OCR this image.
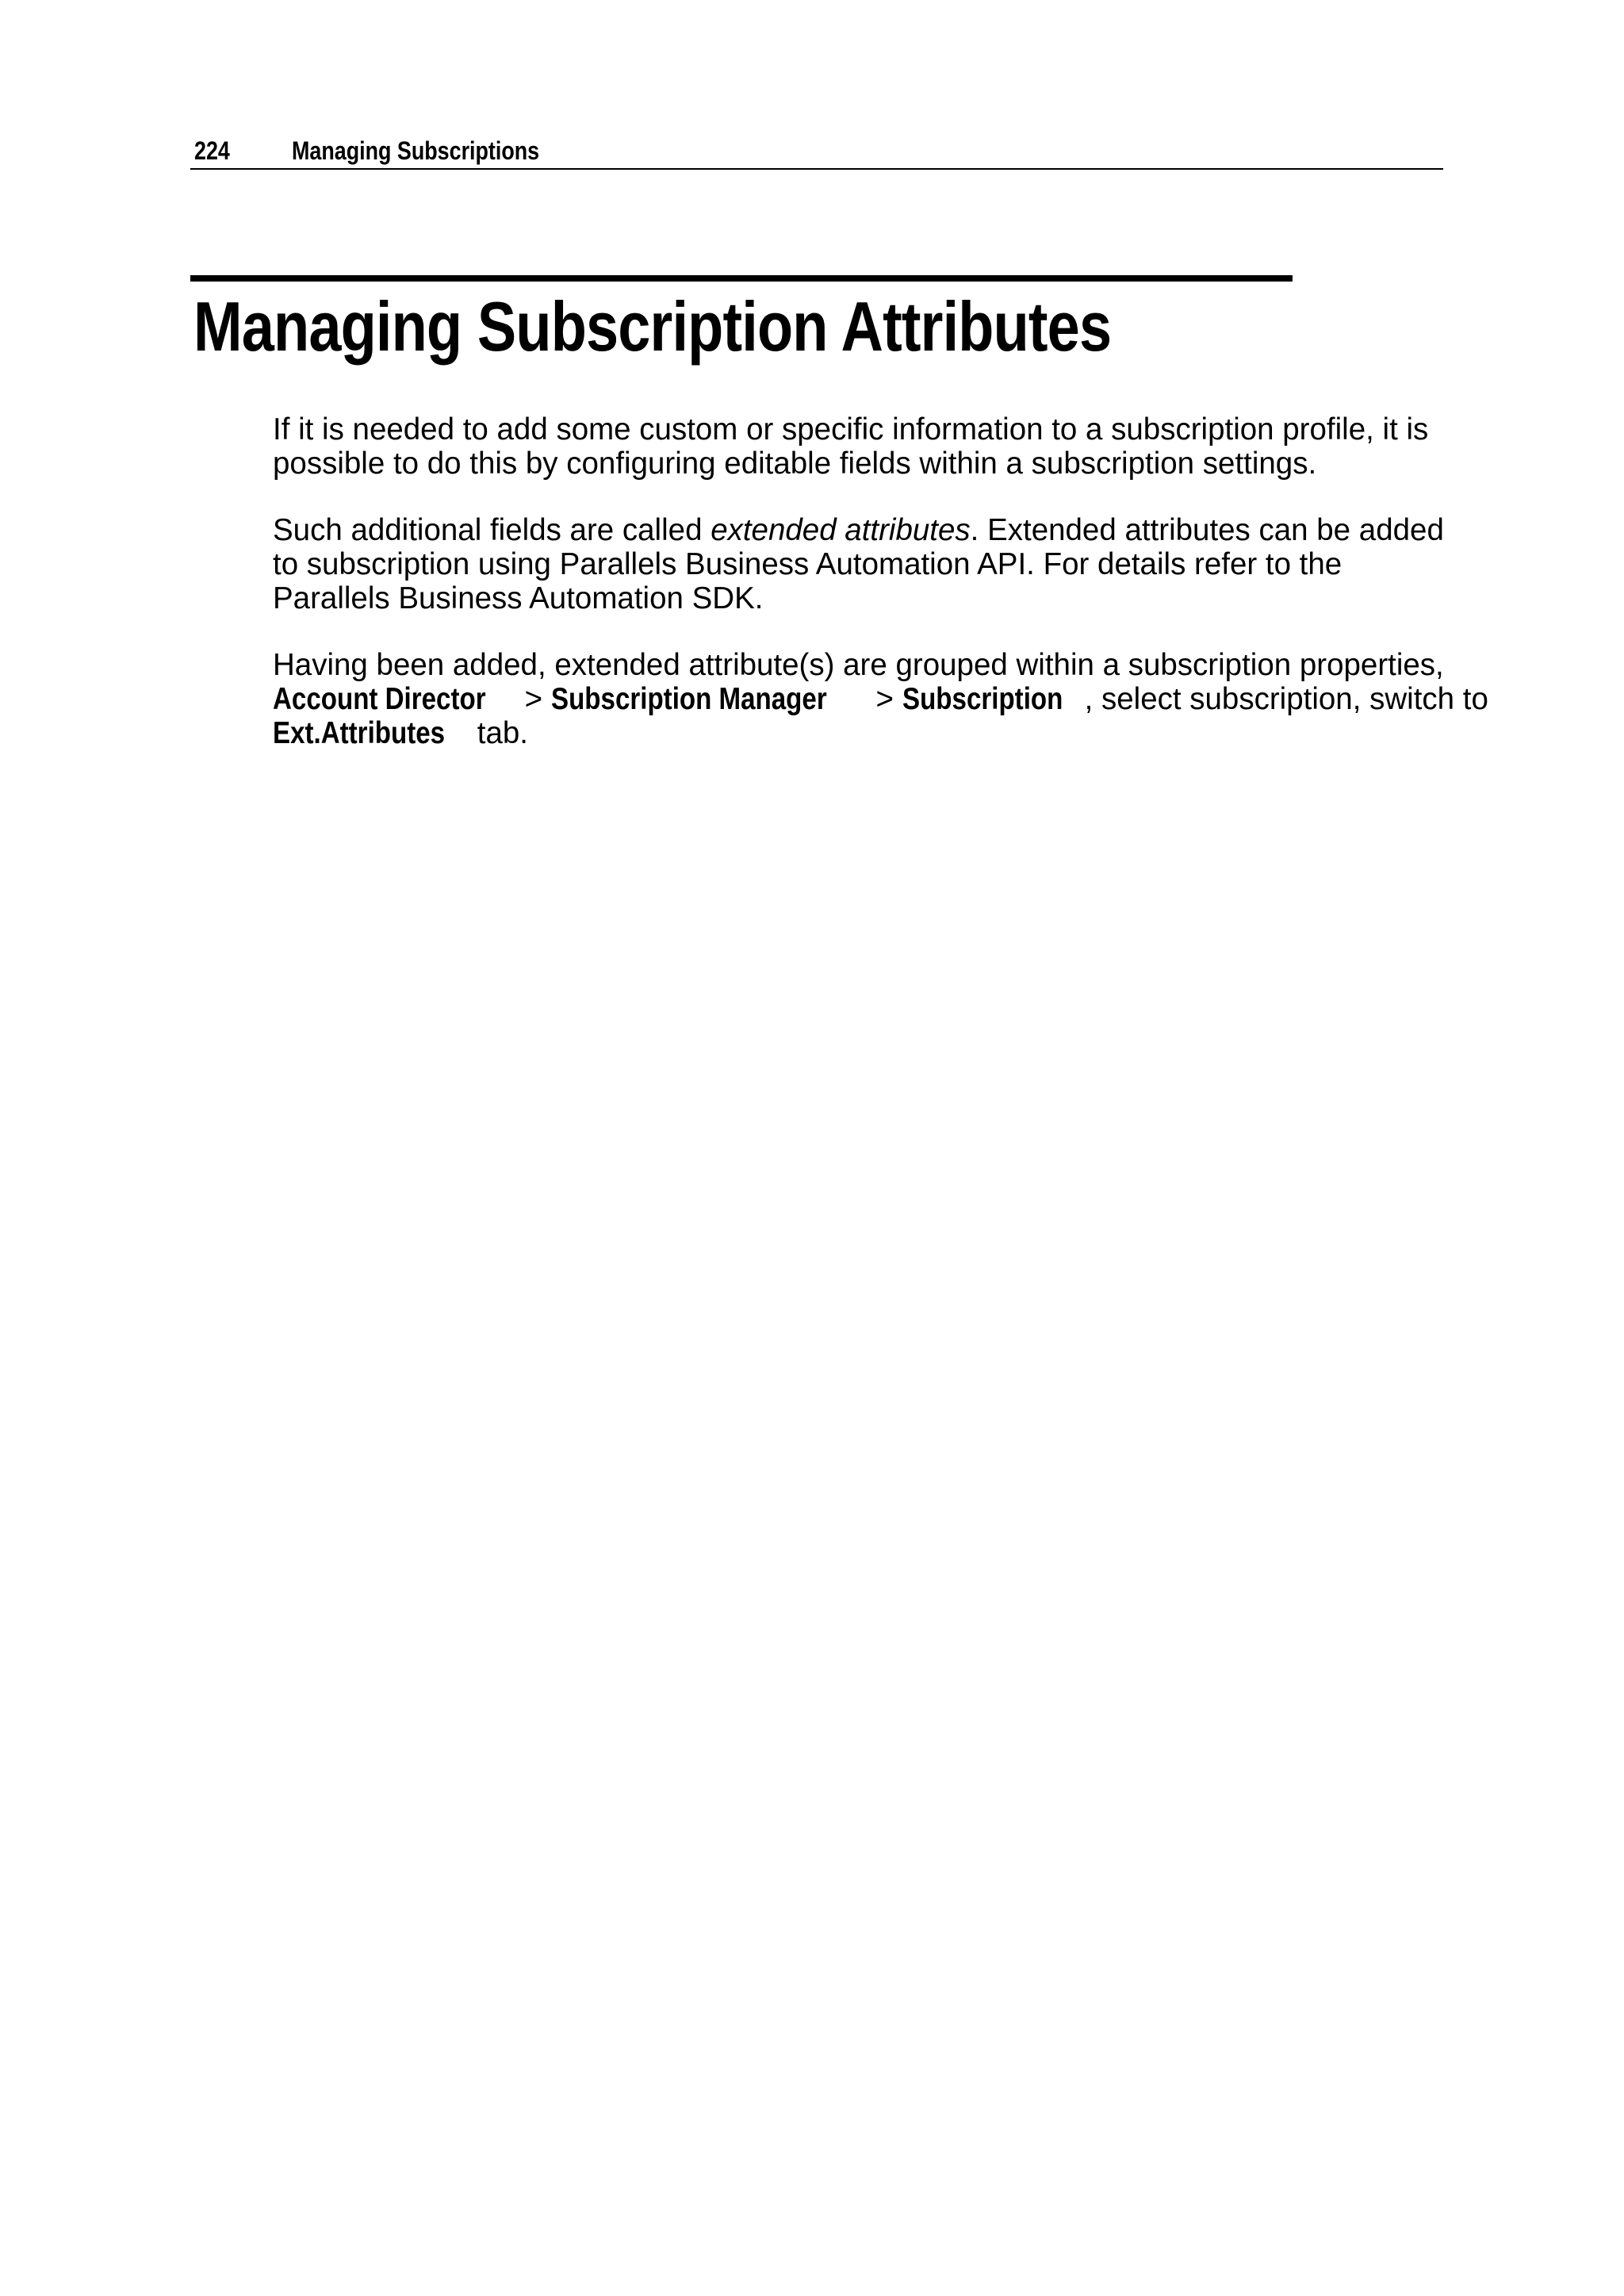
224 Managing Subscriptions
Managing Subscription Attributes

If it is needed to add some custom or specific information to a subscription profile, it is
possible to do this by configuring editable fields within a subscription settings.

Such additional fields are called extended attributes. Extended attributes can be added
to subscription using Parallels Business Automation API. For details refer to the
Parallels Business Automation SDK.

Having been added, extended attribute(s) are grouped within a subscription properties,
Account Director > Subscription Manager > Subscription , select subscription, switch to
Ext.Attributes tab.
